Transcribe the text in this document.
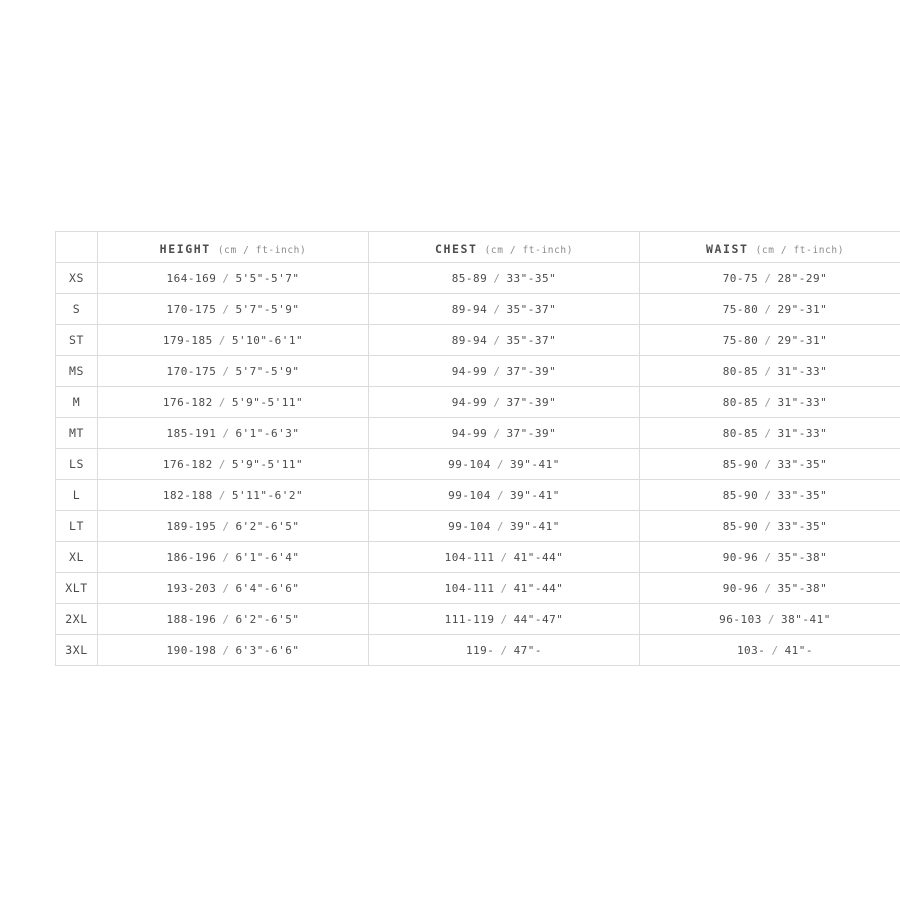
	HEIGHT (cm / ft-inch)	CHEST (cm / ft-inch)	WAIST (cm / ft-inch)
XS	164-169 / 5'5"-5'7"	85-89 / 33"-35"	70-75 / 28"-29"
S	170-175 / 5'7"-5'9"	89-94 / 35"-37"	75-80 / 29"-31"
ST	179-185 / 5'10"-6'1"	89-94 / 35"-37"	75-80 / 29"-31"
MS	170-175 / 5'7"-5'9"	94-99 / 37"-39"	80-85 / 31"-33"
M	176-182 / 5'9"-5'11"	94-99 / 37"-39"	80-85 / 31"-33"
MT	185-191 / 6'1"-6'3"	94-99 / 37"-39"	80-85 / 31"-33"
LS	176-182 / 5'9"-5'11"	99-104 / 39"-41"	85-90 / 33"-35"
L	182-188 / 5'11"-6'2"	99-104 / 39"-41"	85-90 / 33"-35"
LT	189-195 / 6'2"-6'5"	99-104 / 39"-41"	85-90 / 33"-35"
XL	186-196 / 6'1"-6'4"	104-111 / 41"-44"	90-96 / 35"-38"
XLT	193-203 / 6'4"-6'6"	104-111 / 41"-44"	90-96 / 35"-38"
2XL	188-196 / 6'2"-6'5"	111-119 / 44"-47"	96-103 / 38"-41"
3XL	190-198 / 6'3"-6'6"	119- / 47"-	103- / 41"-
